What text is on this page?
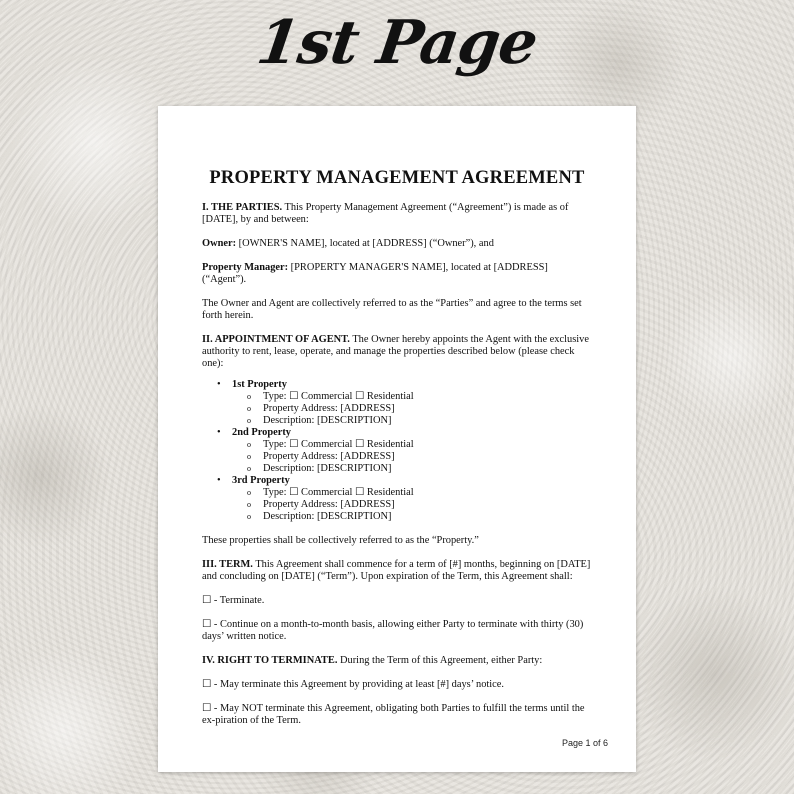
1st Page
PROPERTY MANAGEMENT AGREEMENT

I. THE PARTIES. This Property Management Agreement (“Agreement”) is made as of [DATE], by and between:

Owner: [OWNER'S NAME], located at [ADDRESS] (“Owner”), and

Property Manager: [PROPERTY MANAGER'S NAME], located at [ADDRESS] (“Agent”).

The Owner and Agent are collectively referred to as the “Parties” and agree to the terms set forth herein.

II. APPOINTMENT OF AGENT. The Owner hereby appoints the Agent with the exclusive authority to rent, lease, operate, and manage the properties described below (please check one):

• 1st Property
o Type: ☐ Commercial ☐ Residential
o Property Address: [ADDRESS]
o Description: [DESCRIPTION]
• 2nd Property
o Type: ☐ Commercial ☐ Residential
o Property Address: [ADDRESS]
o Description: [DESCRIPTION]
• 3rd Property
o Type: ☐ Commercial ☐ Residential
o Property Address: [ADDRESS]
o Description: [DESCRIPTION]

These properties shall be collectively referred to as the “Property.”

III. TERM. This Agreement shall commence for a term of [#] months, beginning on [DATE] and concluding on [DATE] (“Term”). Upon expiration of the Term, this Agreement shall:

☐ - Terminate.

☐ - Continue on a month-to-month basis, allowing either Party to terminate with thirty (30) days’ written notice.

IV. RIGHT TO TERMINATE. During the Term of this Agreement, either Party:

☐ - May terminate this Agreement by providing at least [#] days’ notice.

☐ - May NOT terminate this Agreement, obligating both Parties to fulfill the terms until the ex-piration of the Term.

Page 1 of 6
